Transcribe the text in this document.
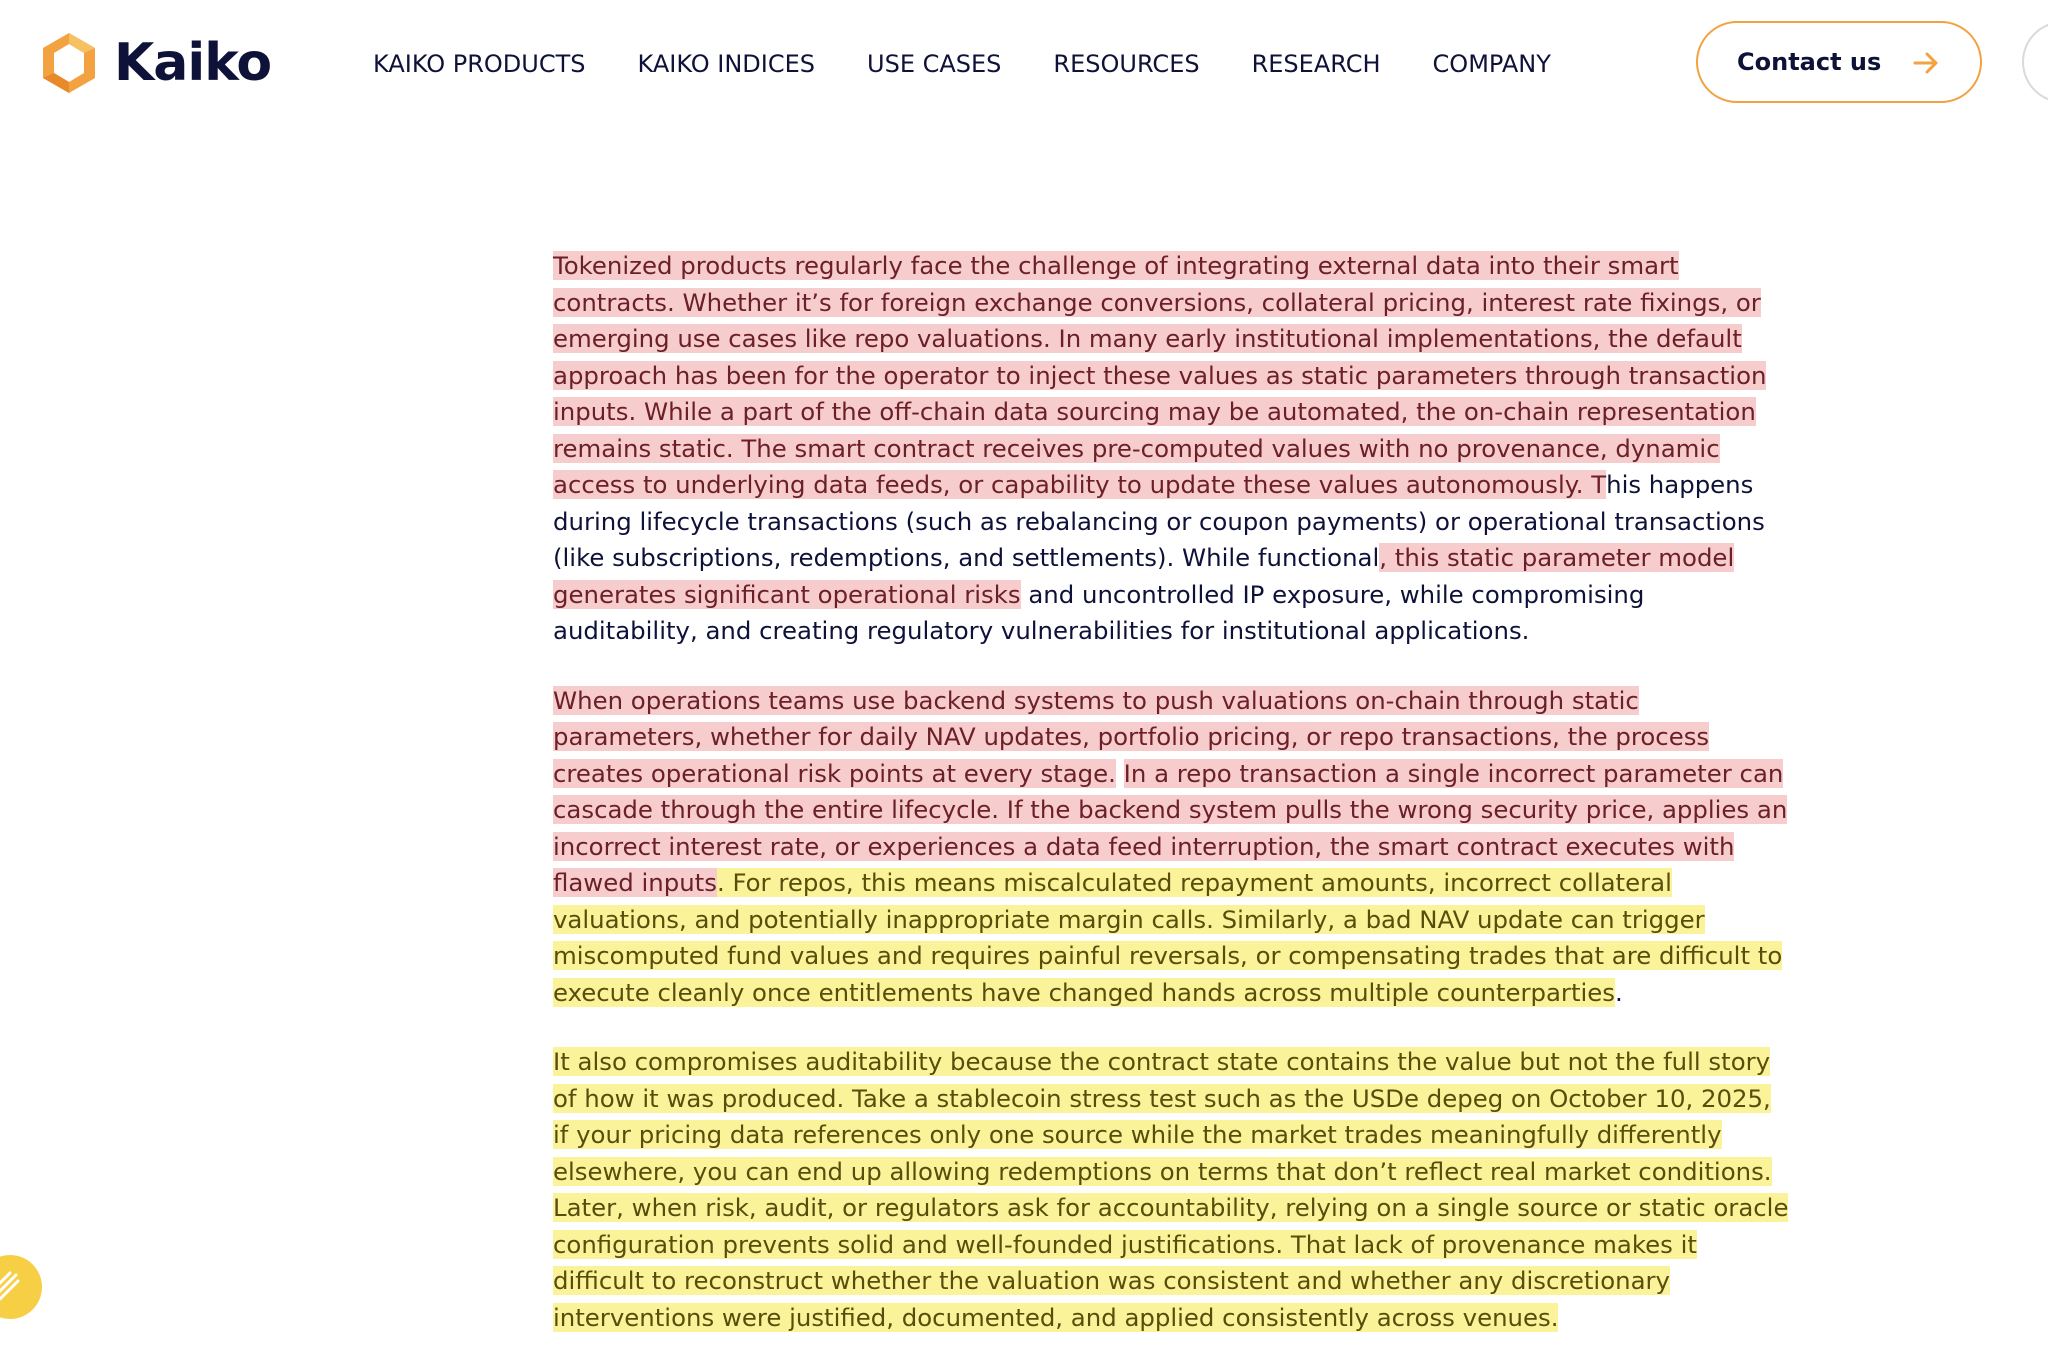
Kaiko	KAIKO PRODUCTS KAIKO INDICES USE CASES RESOURCES RESEARCH COMPANY	Contact us

Tokenized products regularly face the challenge of integrating external data into their smart contracts. Whether it’s for foreign exchange conversions, collateral pricing, interest rate fixings, or emerging use cases like repo valuations. In many early institutional implementations, the default approach has been for the operator to inject these values as static parameters through transaction inputs. While a part of the off-chain data sourcing may be automated, the on-chain representation remains static. The smart contract receives pre-computed values with no provenance, dynamic access to underlying data feeds, or capability to update these values autonomously. This happens during lifecycle transactions (such as rebalancing or coupon payments) or operational transactions (like subscriptions, redemptions, and settlements). While functional, this static parameter model generates significant operational risks and uncontrolled IP exposure, while compromising auditability, and creating regulatory vulnerabilities for institutional applications.

When operations teams use backend systems to push valuations on-chain through static parameters, whether for daily NAV updates, portfolio pricing, or repo transactions, the process creates operational risk points at every stage. In a repo transaction a single incorrect parameter can cascade through the entire lifecycle. If the backend system pulls the wrong security price, applies an incorrect interest rate, or experiences a data feed interruption, the smart contract executes with flawed inputs. For repos, this means miscalculated repayment amounts, incorrect collateral valuations, and potentially inappropriate margin calls. Similarly, a bad NAV update can trigger miscomputed fund values and requires painful reversals, or compensating trades that are difficult to execute cleanly once entitlements have changed hands across multiple counterparties.

It also compromises auditability because the contract state contains the value but not the full story of how it was produced. Take a stablecoin stress test such as the USDe depeg on October 10, 2025, if your pricing data references only one source while the market trades meaningfully differently elsewhere, you can end up allowing redemptions on terms that don’t reflect real market conditions. Later, when risk, audit, or regulators ask for accountability, relying on a single source or static oracle configuration prevents solid and well-founded justifications. That lack of provenance makes it difficult to reconstruct whether the valuation was consistent and whether any discretionary interventions were justified, documented, and applied consistently across venues.
